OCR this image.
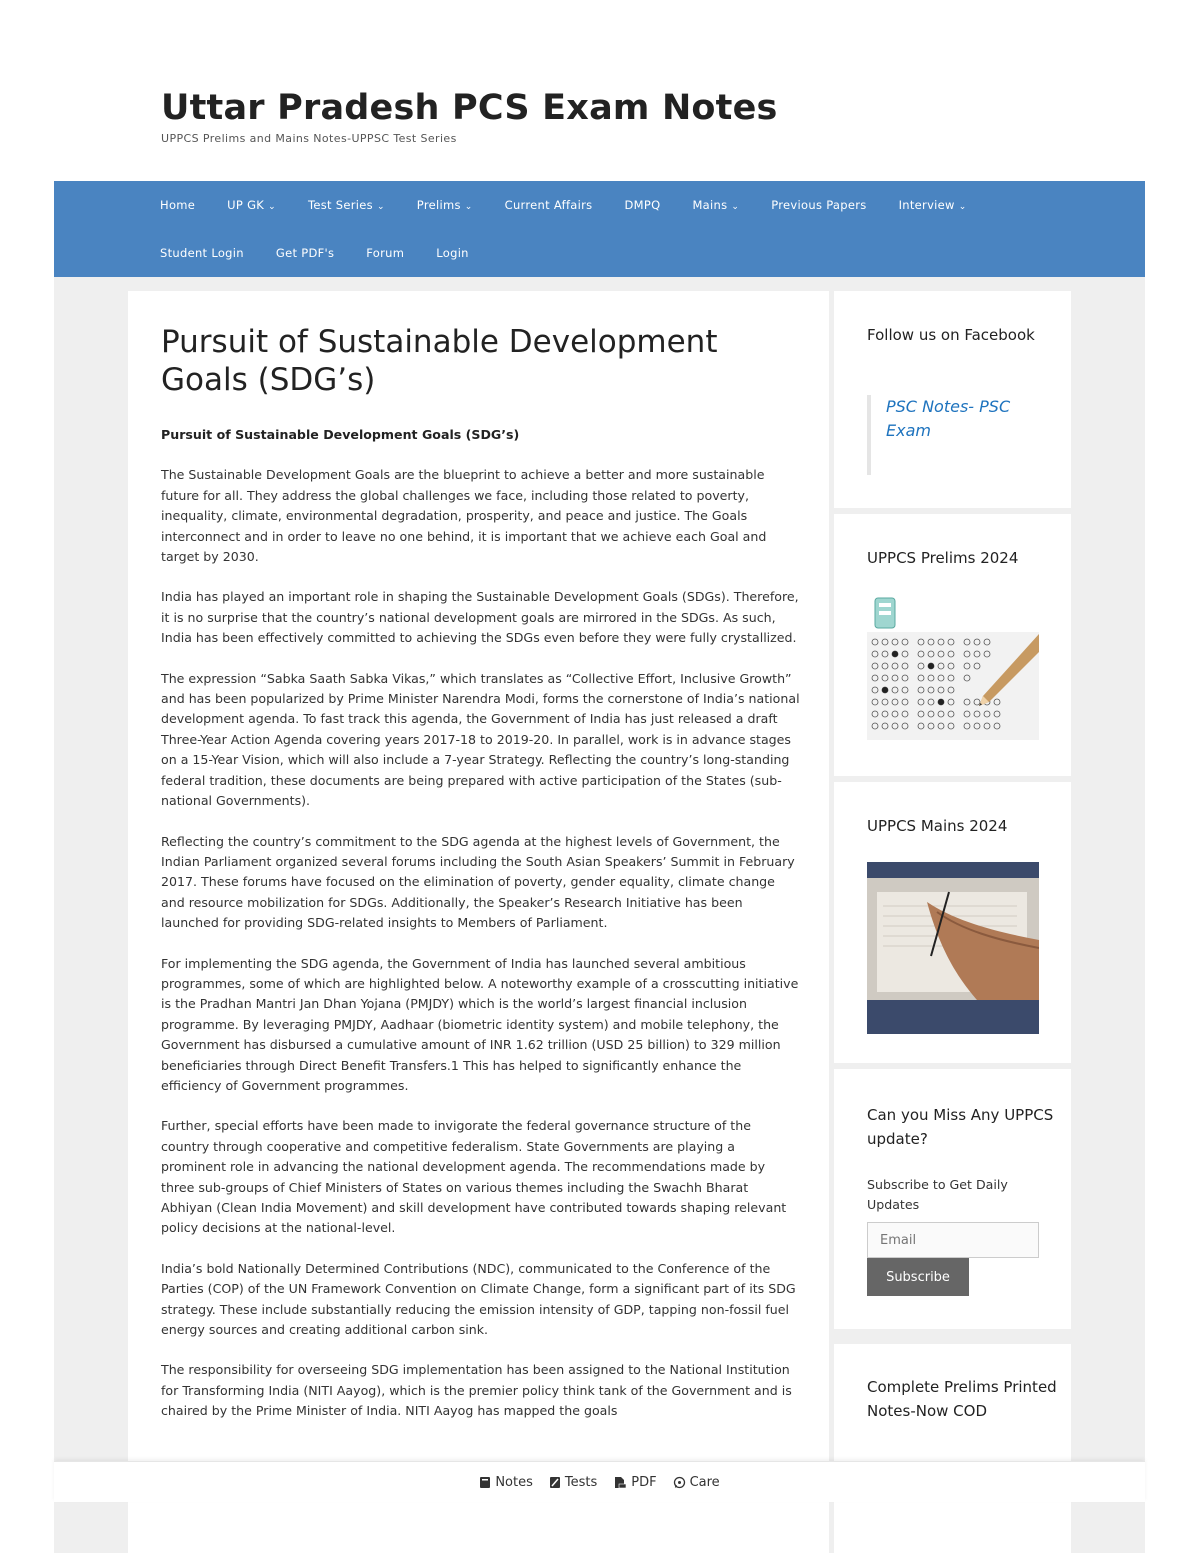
Uttar Pradesh PCS Exam Notes
UPPCS Prelims and Mains Notes-UPPSC Test Series
Home	UP GK ⌄	Test Series ⌄	Prelims ⌄	Current Affairs	DMPQ	Mains ⌄	Previous Papers	Interview ⌄
Student Login	Get PDF's	Forum	Login
Pursuit of Sustainable Development Goals (SDG’s)

Pursuit of Sustainable Development Goals (SDG’s)

The Sustainable Development Goals are the blueprint to achieve a better and more sustainable future for all. They address the global challenges we face, including those related to poverty, inequality, climate, environmental degradation, prosperity, and peace and justice. The Goals interconnect and in order to leave no one behind, it is important that we achieve each Goal and target by 2030.

India has played an important role in shaping the Sustainable Development Goals (SDGs). Therefore, it is no surprise that the country’s national development goals are mirrored in the SDGs. As such, India has been effectively committed to achieving the SDGs even before they were fully crystallized.

The expression “Sabka Saath Sabka Vikas,” which translates as “Collective Effort, Inclusive Growth” and has been popularized by Prime Minister Narendra Modi, forms the cornerstone of India’s national development agenda. To fast track this agenda, the Government of India has just released a draft Three-Year Action Agenda covering years 2017-18 to 2019-20. In parallel, work is in advance stages on a 15-Year Vision, which will also include a 7-year Strategy. Reflecting the country’s long-standing federal tradition, these documents are being prepared with active participation of the States (sub-national Governments).

Reflecting the country’s commitment to the SDG agenda at the highest levels of Government, the Indian Parliament organized several forums including the South Asian Speakers’ Summit in February 2017. These forums have focused on the elimination of poverty, gender equality, climate change and resource mobilization for SDGs. Additionally, the Speaker’s Research Initiative has been launched for providing SDG-related insights to Members of Parliament.

For implementing the SDG agenda, the Government of India has launched several ambitious programmes, some of which are highlighted below. A noteworthy example of a crosscutting initiative is the Pradhan Mantri Jan Dhan Yojana (PMJDY) which is the world’s largest financial inclusion programme. By leveraging PMJDY, Aadhaar (biometric identity system) and mobile telephony, the Government has disbursed a cumulative amount of INR 1.62 trillion (USD 25 billion) to 329 million beneficiaries through Direct Benefit Transfers.1 This has helped to significantly enhance the efficiency of Government programmes.

Further, special efforts have been made to invigorate the federal governance structure of the country through cooperative and competitive federalism. State Governments are playing a prominent role in advancing the national development agenda. The recommendations made by three sub-groups of Chief Ministers of States on various themes including the Swachh Bharat Abhiyan (Clean India Movement) and skill development have contributed towards shaping relevant policy decisions at the national-level.

India’s bold Nationally Determined Contributions (NDC), communicated to the Conference of the Parties (COP) of the UN Framework Convention on Climate Change, form a significant part of its SDG strategy. These include substantially reducing the emission intensity of GDP, tapping non-fossil fuel energy sources and creating additional carbon sink.

The responsibility for overseeing SDG implementation has been assigned to the National Institution for Transforming India (NITI Aayog), which is the premier policy think tank of the Government and is chaired by the Prime Minister of India. NITI Aayog has mapped the goals

Follow us on Facebook
PSC Notes- PSC Exam
UPPCS Prelims 2024
UPPCS Mains 2024
Can you Miss Any UPPCS update?
Subscribe to Get Daily Updates
Email
Subscribe
Complete Prelims Printed Notes-Now COD
Notes Tests	PDF	Care
